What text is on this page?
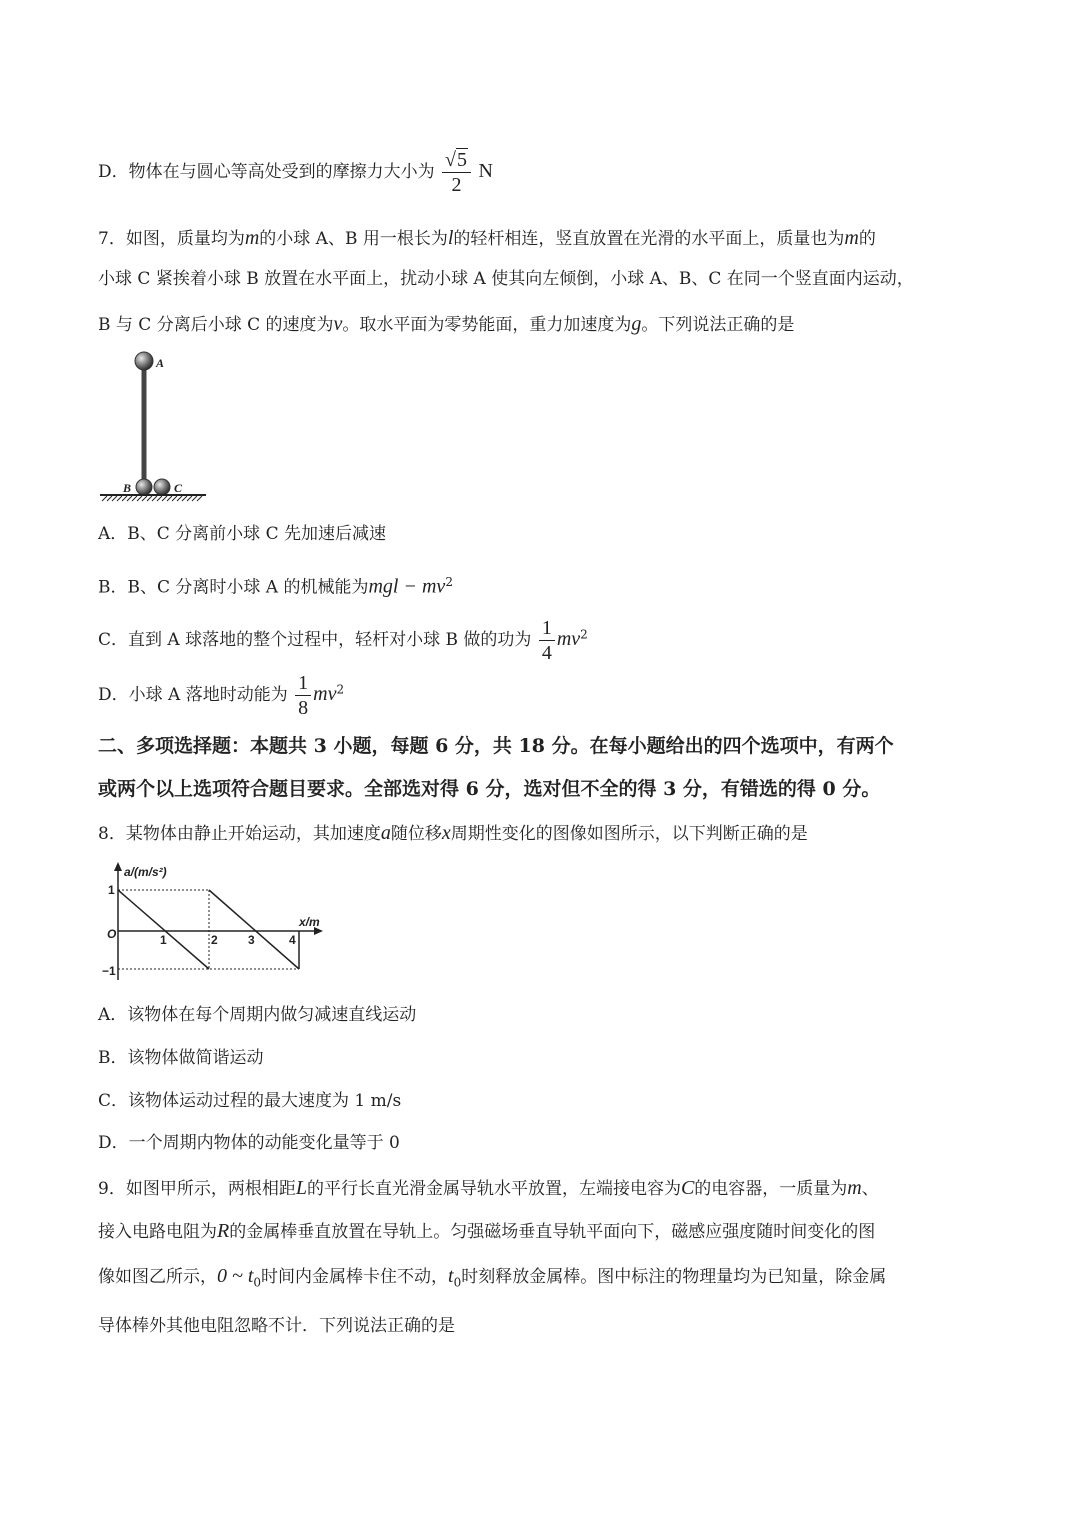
D．物体在与圆心等高处受到的摩擦力大小为 $\frac{√5}{2}$ N
7．如图，质量均为m的小球 A、B 用一根长为l的轻杆相连，竖直放置在光滑的水平面上，质量也为m的
小球 C 紧挨着小球 B 放置在水平面上，扰动小球 A 使其向左倾倒，小球 A、B、C 在同一个竖直面内运动，
B 与 C 分离后小球 C 的速度为v。取水平面为零势能面，重力加速度为g。下列说法正确的是
A
B	C
A．B、C 分离前小球 C 先加速后减速
B．B、C 分离时小球 A 的机械能为mgl − $mv^2$
C．直到 A 球落地的整个过程中，轻杆对小球 B 做的功为 $\frac{1}{4} mv^2$
D．小球 A 落地时动能为 $\frac{1}{8} mv^2$
二、多项选择题：本题共 3 小题，每题 6 分，共 18 分。在每小题给出的四个选项中，有两个
或两个以上选项符合题目要求。全部选对得 6 分，选对但不全的得 3 分，有错选的得 0 分。
8．某物体由静止开始运动，其加速度a随位移x周期性变化的图像如图所示，以下判断正确的是
a/(m/s²)
x/m
O
1
−1
1	2	3	4
A．该物体在每个周期内做匀减速直线运动
B．该物体做简谐运动
C．该物体运动过程的最大速度为 1 m/s
D．一个周期内物体的动能变化量等于 0
9．如图甲所示，两根相距L的平行长直光滑金属导轨水平放置，左端接电容为C的电容器，一质量为m、
接入电路电阻为R的金属棒垂直放置在导轨上。匀强磁场垂直导轨平面向下，磁感应强度随时间变化的图
像如图乙所示，0 ~ $t_0$时间内金属棒卡住不动，$t_0$时刻释放金属棒。图中标注的物理量均为已知量，除金属
导体棒外其他电阻忽略不计．下列说法正确的是
